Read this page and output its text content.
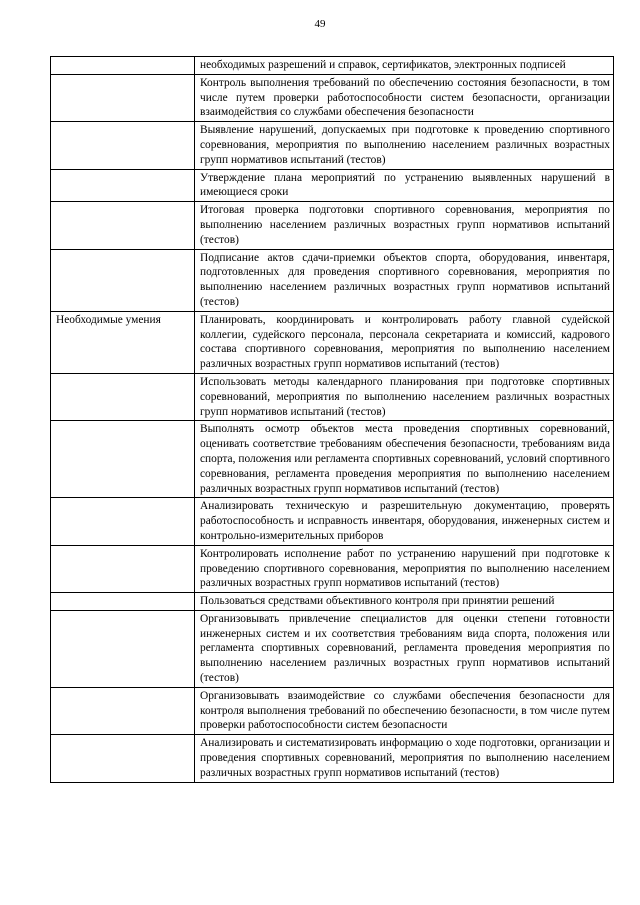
49
	необходимых разрешений и справок, сертификатов, электронных подписей
	Контроль выполнения требований по обеспечению состояния безопасности, в том числе путем проверки работоспособности систем безопасности, организации взаимодействия со службами обеспечения безопасности
	Выявление нарушений, допускаемых при подготовке к проведению спортивного соревнования, мероприятия по выполнению населением различных возрастных групп нормативов испытаний (тестов)
	Утверждение плана мероприятий по устранению выявленных нарушений в имеющиеся сроки
	Итоговая проверка подготовки спортивного соревнования, мероприятия по выполнению населением различных возрастных групп нормативов испытаний (тестов)
	Подписание актов сдачи-приемки объектов спорта, оборудования, инвентаря, подготовленных для проведения спортивного соревнования, мероприятия по выполнению населением различных возрастных групп нормативов испытаний (тестов)
Необходимые умения	Планировать, координировать и контролировать работу главной судейской коллегии, судейского персонала, персонала секретариата и комиссий, кадрового состава спортивного соревнования, мероприятия по выполнению населением различных возрастных групп нормативов испытаний (тестов)
	Использовать методы календарного планирования при подготовке спортивных соревнований, мероприятия по выполнению населением различных возрастных групп нормативов испытаний (тестов)
	Выполнять осмотр объектов места проведения спортивных соревнований, оценивать соответствие требованиям обеспечения безопасности, требованиям вида спорта, положения или регламента спортивных соревнований, условий спортивного соревнования, регламента проведения мероприятия по выполнению населением различных возрастных групп нормативов испытаний (тестов)
	Анализировать техническую и разрешительную документацию, проверять работоспособность и исправность инвентаря, оборудования, инженерных систем и контрольно-измерительных приборов
	Контролировать исполнение работ по устранению нарушений при подготовке к проведению спортивного соревнования, мероприятия по выполнению населением различных возрастных групп нормативов испытаний (тестов)
	Пользоваться средствами объективного контроля при принятии решений
	Организовывать привлечение специалистов для оценки степени готовности инженерных систем и их соответствия требованиям вида спорта, положения или регламента спортивных соревнований, регламента проведения мероприятия по выполнению населением различных возрастных групп нормативов испытаний (тестов)
	Организовывать взаимодействие со службами обеспечения безопасности для контроля выполнения требований по обеспечению безопасности, в том числе путем проверки работоспособности систем безопасности
	Анализировать и систематизировать информацию о ходе подготовки, организации и проведения спортивных соревнований, мероприятия по выполнению населением различных возрастных групп нормативов испытаний (тестов)
